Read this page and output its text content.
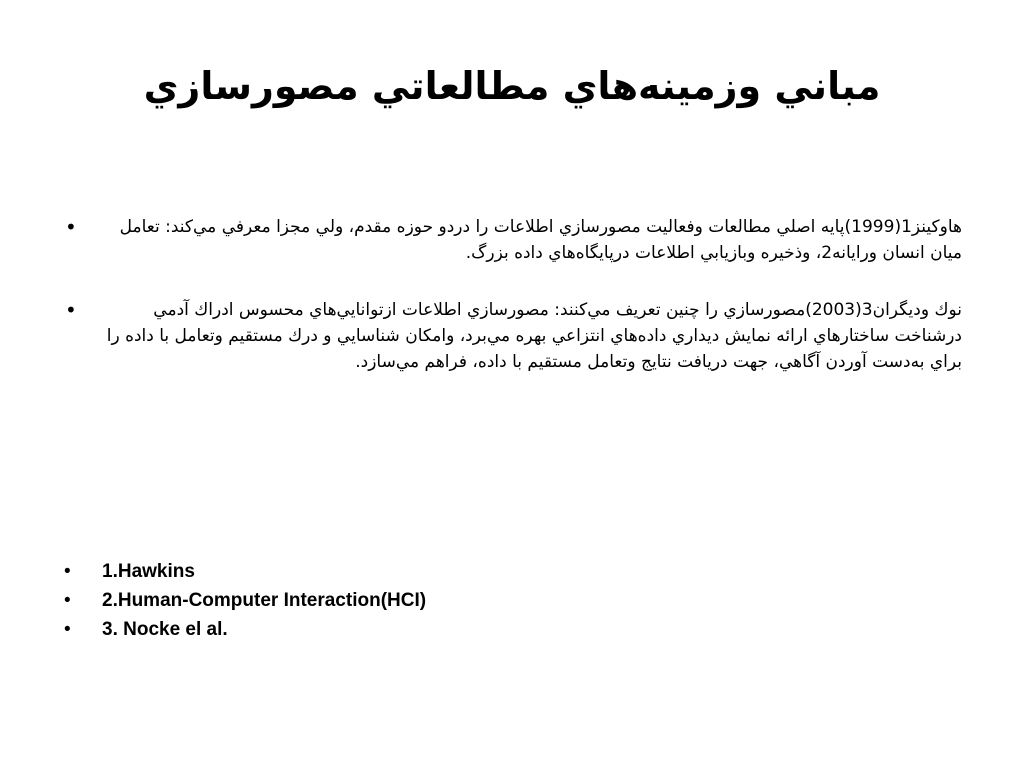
مباني وزمينه‌هاي مطالعاتي مصورسازي
•	هاوكينز1(1999)پايه اصلي مطالعات وفعاليت مصورسازي اطلاعات را دردو حوزه مقدم، ولي مجزا معرفي مي‌كند: تعامل ميان انسان ورايانه2، وذخيره وبازيابي اطلاعات درپايگاه‌هاي داده بزرگ.
•	نوك وديگران3(2003)مصورسازي را چنين تعريف مي‌كنند: مصورسازي اطلاعات ازتوانايي‌هاي محسوس ادراك آدمي درشناخت ساختارهاي ارائه نمايش ديداري داده‌هاي انتزاعي بهره مي‌برد، وامكان شناسايي و درك مستقيم وتعامل با داده را براي به‌دست آوردن آگاهي، جهت دريافت نتايج وتعامل مستقيم با داده، فراهم مي‌سازد.
• 1.Hawkins
• 2.Human-Computer Interaction(HCI)
• 3. Nocke el al.
